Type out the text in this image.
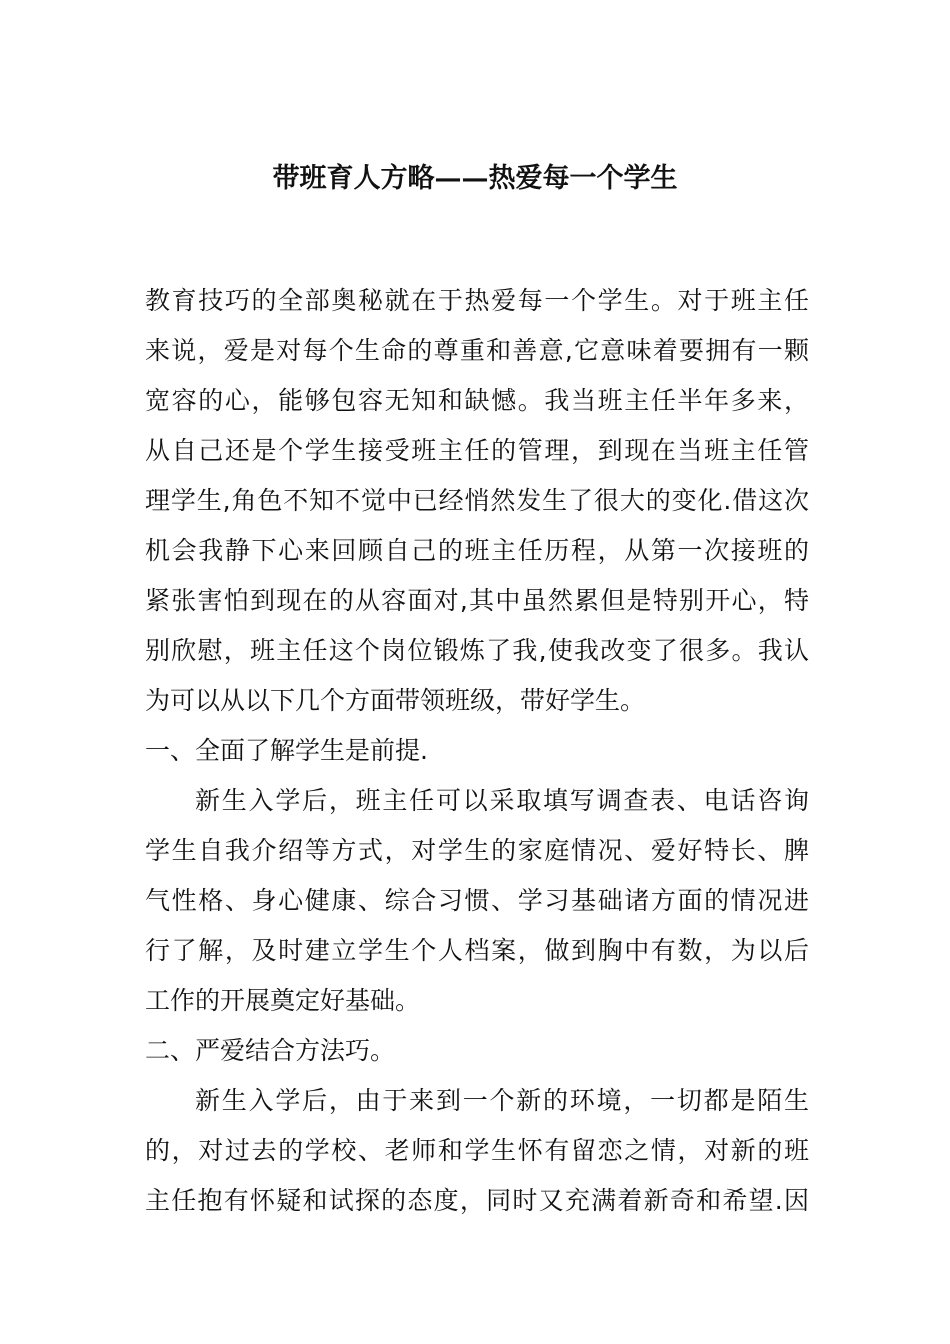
带班育人方略——热爱每一个学生
教育技巧的全部奥秘就在于热爱每一个学生。对于班主任
来说，爱是对每个生命的尊重和善意,它意味着要拥有一颗
宽容的心，能够包容无知和缺憾。我当班主任半年多来，
从自己还是个学生接受班主任的管理，到现在当班主任管
理学生,角色不知不觉中已经悄然发生了很大的变化.借这次
机会我静下心来回顾自己的班主任历程，从第一次接班的
紧张害怕到现在的从容面对,其中虽然累但是特别开心，特
别欣慰，班主任这个岗位锻炼了我,使我改变了很多。我认
为可以从以下几个方面带领班级，带好学生。
一、全面了解学生是前提.
新生入学后，班主任可以采取填写调查表、电话咨询
学生自我介绍等方式，对学生的家庭情况、爱好特长、脾
气性格、身心健康、综合习惯、学习基础诸方面的情况进
行了解，及时建立学生个人档案，做到胸中有数，为以后
工作的开展奠定好基础。
二、严爱结合方法巧。
新生入学后，由于来到一个新的环境，一切都是陌生
的，对过去的学校、老师和学生怀有留恋之情，对新的班
主任抱有怀疑和试探的态度，同时又充满着新奇和希望.因
